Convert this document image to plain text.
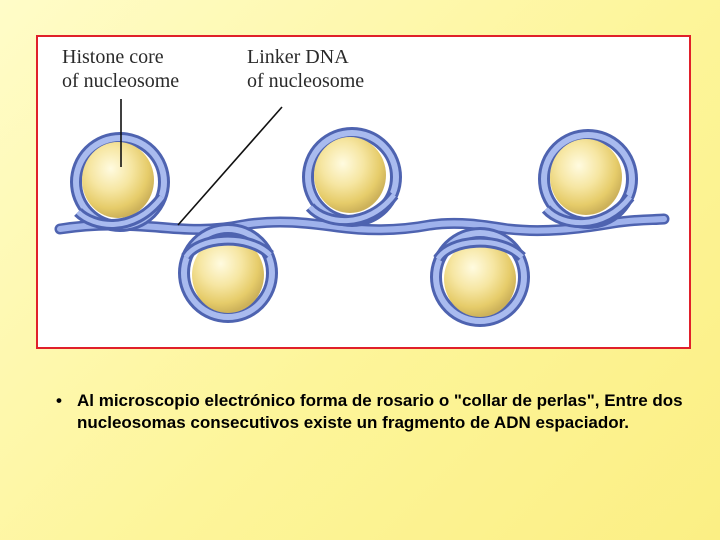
Histone core
of nucleosome
Linker DNA
of nucleosome
• Al microscopio electrónico forma de rosario o "collar de perlas", Entre dos nucleosomas consecutivos existe un fragmento de ADN espaciador.
